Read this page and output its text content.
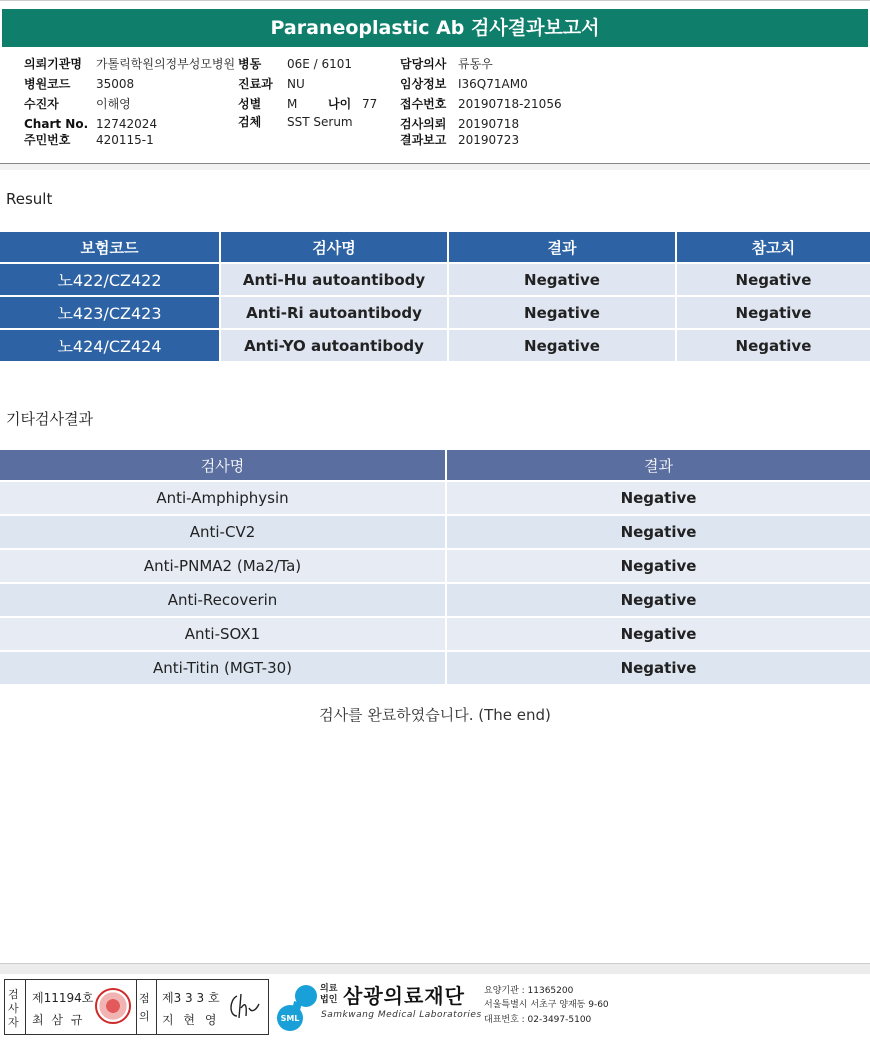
Paraneoplastic Ab 검사결과보고서
의뢰기관명 가톨릭학원의정부성모병원
병원코드 35008
수진자	이해영
Chart No. 12742024
주민번호 420115-1
병동 06E / 6101
진료과 NU
성별 M	나이 77
검체 SST Serum
담당의사 류동우
임상정보 I36Q71AM0
접수번호 20190718-21056
검사의뢰 20190718
결과보고 20190723
Result
보험코드	검사명	결과	참고치
노422/CZ422	Anti-Hu autoantibody	Negative	Negative
노423/CZ423	Anti-Ri autoantibody	Negative	Negative
노424/CZ424	Anti-YO autoantibody	Negative	Negative
기타검사결과
검사명	결과
Anti-Amphiphysin	Negative
Anti-CV2	Negative
Anti-PNMA2 (Ma2/Ta)	Negative
Anti-Recoverin	Negative
Anti-SOX1	Negative
Anti-Titin (MGT-30)	Negative
검사를 완료하였습니다. (The end)
검
사
자
제11194호
최 삼 규
점
의
제3 3 3 호
지 현 영	SML
의료
법인 삼광의료재단
Samkwang Medical Laboratories
요양기관 : 11365200
서울특별시 서초구 양재동 9-60
대표번호 : 02-3497-5100
